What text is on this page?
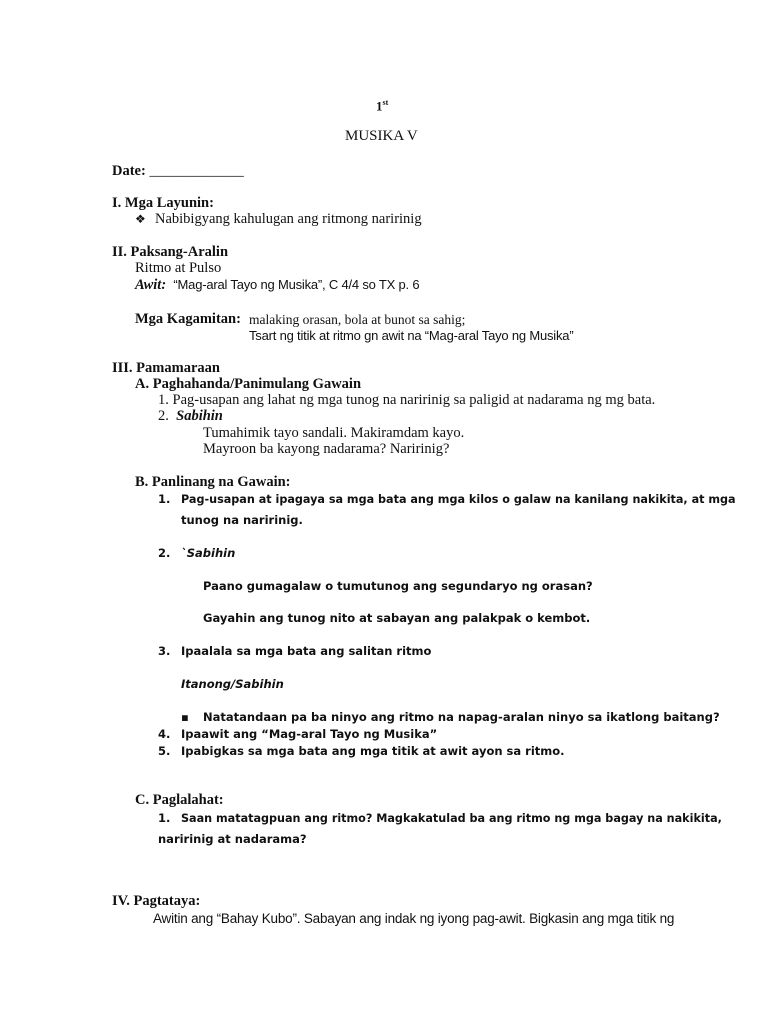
1st
MUSIKA V
Date: _____________
I. Mga Layunin:
❖ Nabibigyang kahulugan ang ritmong naririnig
II. Paksang-Aralin
Ritmo at Pulso
Awit: “Mag-aral Tayo ng Musika”, C 4/4 so TX p. 6
Mga Kagamitan: malaking orasan, bola at bunot sa sahig;
Tsart ng titik at ritmo gn awit na “Mag-aral Tayo ng Musika”
III. Pamamaraan
A. Paghahanda/Panimulang Gawain
1. Pag-usapan ang lahat ng mga tunog na naririnig sa paligid at nadarama ng mg bata.
2. Sabihin
Tumahimik tayo sandali. Makiramdam kayo.
Mayroon ba kayong nadarama? Naririnig?
B. Panlinang na Gawain:
1. Pag-usapan at ipagaya sa mga bata ang mga kilos o galaw na kanilang nakikita, at mga
tunog na naririnig.
2. `Sabihin
Paano gumagalaw o tumutunog ang segundaryo ng orasan?
Gayahin ang tunog nito at sabayan ang palakpak o kembot.
3. Ipaalala sa mga bata ang salitan ritmo
Itanong/Sabihin
▪ Natatandaan pa ba ninyo ang ritmo na napag-aralan ninyo sa ikatlong baitang?
4. Ipaawit ang “Mag-aral Tayo ng Musika”
5. Ipabigkas sa mga bata ang mga titik at awit ayon sa ritmo.
C. Paglalahat:
1. Saan matatagpuan ang ritmo? Magkakatulad ba ang ritmo ng mga bagay na nakikita,
naririnig at nadarama?
IV. Pagtataya:
Awitin ang “Bahay Kubo”. Sabayan ang indak ng iyong pag-awit. Bigkasin ang mga titik ng
